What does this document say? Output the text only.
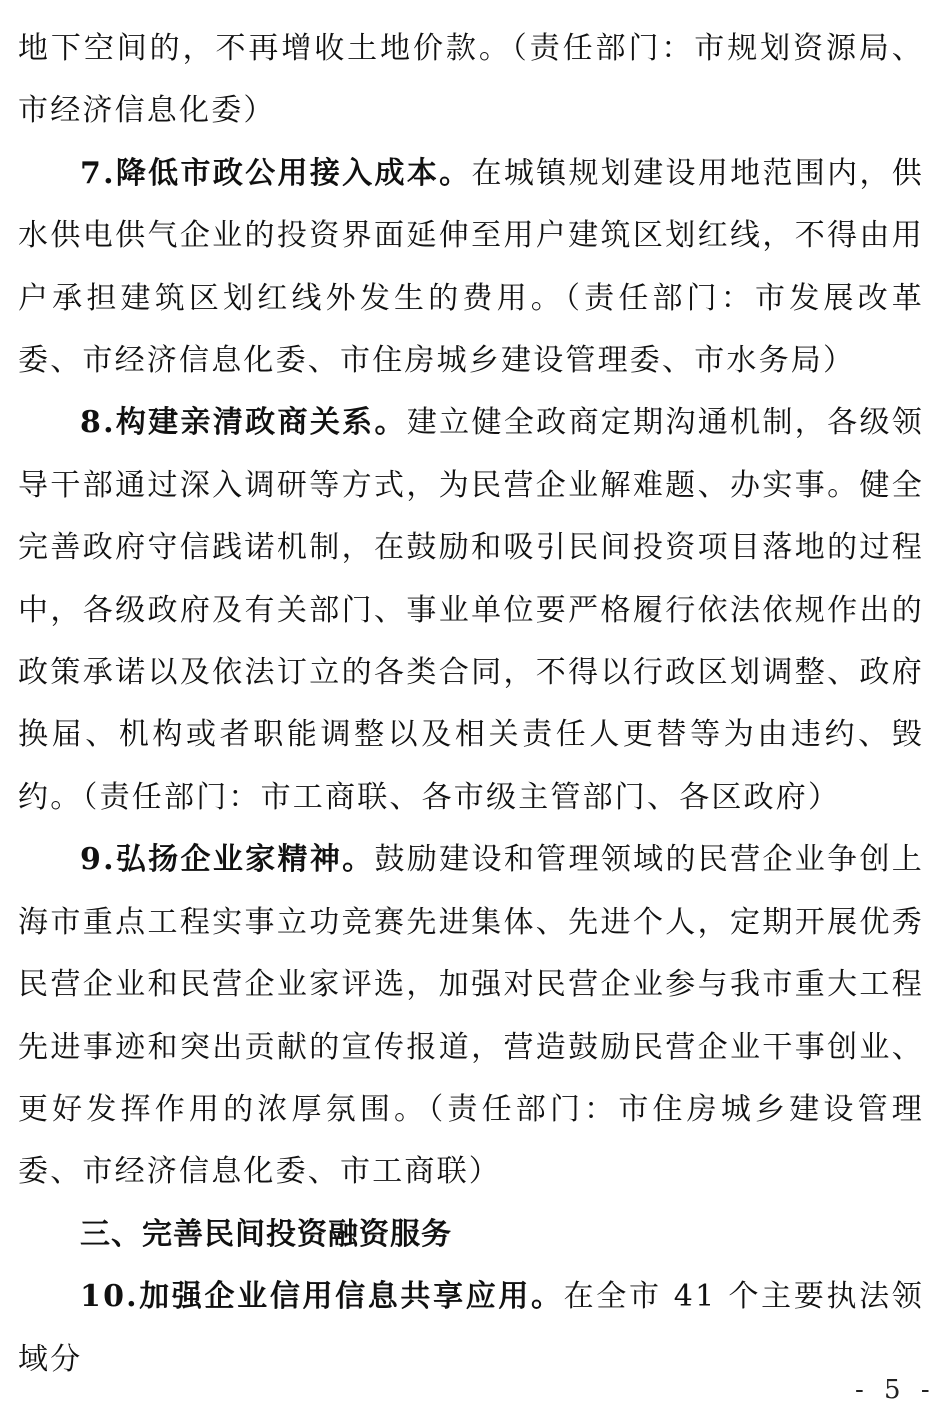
地下空间的，不再增收土地价款。（责任部门：市规划资源局、市经济信息化委）

7.降低市政公用接入成本。在城镇规划建设用地范围内，供水供电供气企业的投资界面延伸至用户建筑区划红线，不得由用户承担建筑区划红线外发生的费用。（责任部门：市发展改革委、市经济信息化委、市住房城乡建设管理委、市水务局）

8.构建亲清政商关系。建立健全政商定期沟通机制，各级领导干部通过深入调研等方式，为民营企业解难题、办实事。健全完善政府守信践诺机制，在鼓励和吸引民间投资项目落地的过程中，各级政府及有关部门、事业单位要严格履行依法依规作出的政策承诺以及依法订立的各类合同，不得以行政区划调整、政府换届、机构或者职能调整以及相关责任人更替等为由违约、毁约。（责任部门：市工商联、各市级主管部门、各区政府）

9.弘扬企业家精神。鼓励建设和管理领域的民营企业争创上海市重点工程实事立功竞赛先进集体、先进个人，定期开展优秀民营企业和民营企业家评选，加强对民营企业参与我市重大工程先进事迹和突出贡献的宣传报道，营造鼓励民营企业干事创业、更好发挥作用的浓厚氛围。（责任部门：市住房城乡建设管理委、市经济信息化委、市工商联）

三、完善民间投资融资服务

10.加强企业信用信息共享应用。在全市 41 个主要执法领域分

- 5 -
